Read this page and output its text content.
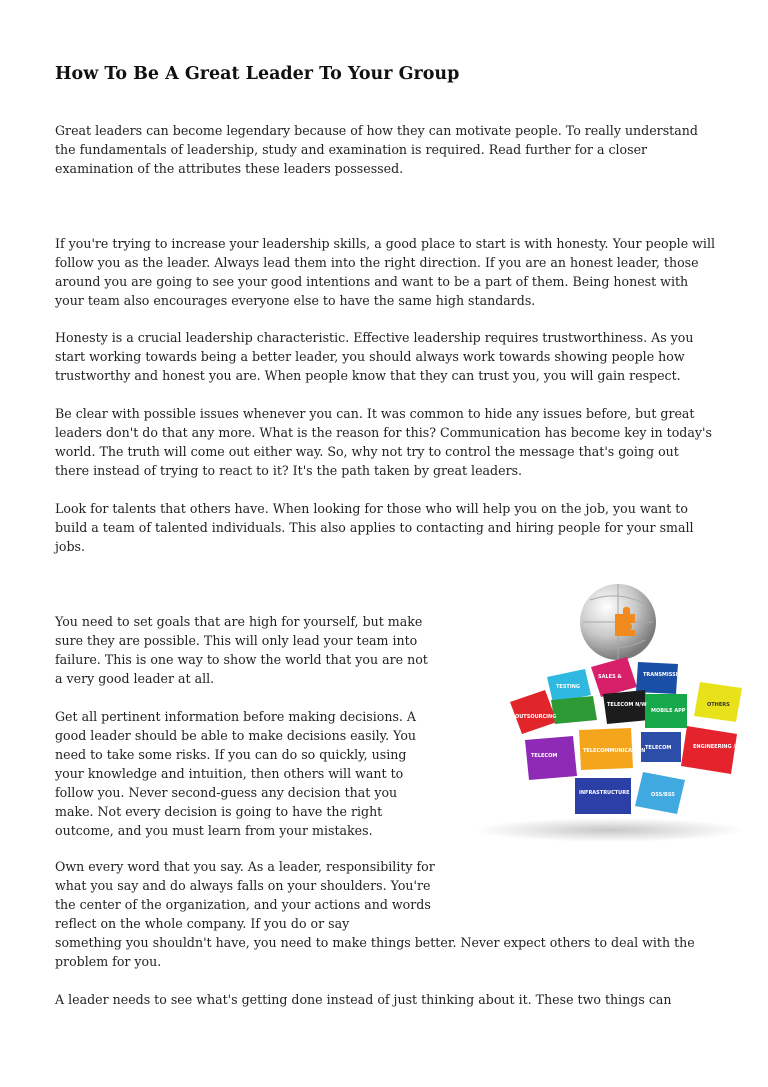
How To Be A Great Leader To Your Group

Great leaders can become legendary because of how they can motivate people. To really understand the fundamentals of leadership, study and examination is required. Read further for a closer examination of the attributes these leaders possessed.

If you're trying to increase your leadership skills, a good place to start is with honesty. Your people will follow you as the leader. Always lead them into the right direction. If you are an honest leader, those around you are going to see your good intentions and want to be a part of them. Being honest with your team also encourages everyone else to have the same high standards.

Honesty is a crucial leadership characteristic. Effective leadership requires trustworthiness. As you start working towards being a better leader, you should always work towards showing people how trustworthy and honest you are. When people know that they can trust you, you will gain respect.

Be clear with possible issues whenever you can. It was common to hide any issues before, but great leaders don't do that any more. What is the reason for this? Communication has become key in today's world. The truth will come out either way. So, why not try to control the message that's going out there instead of trying to react to it? It's the path taken by great leaders.

Look for talents that others have. When looking for those who will help you on the job, you want to build a team of talented individuals. This also applies to contacting and hiring people for your small jobs.

You need to set goals that are high for yourself, but make sure they are possible. This will only lead your team into failure. This is one way to show the world that you are not a very good leader at all.

Get all pertinent information before making decisions. A good leader should be able to make decisions easily. You need to take some risks. If you can do so quickly, using your knowledge and intuition, then others will want to follow you. Never second-guess any decision that you make. Not every decision is going to have the right outcome, and you must learn from your mistakes.

Own every word that you say. As a leader, responsibility for what you say and do always falls on your shoulders. You're the center of the organization, and your actions and words reflect on the whole company. If you do or say

something you shouldn't have, you need to make things better. Never expect others to deal with the problem for you.

A leader needs to see what's getting done instead of just thinking about it. These two things can

TESTING
SALES &	TRANSMISSION
OUTSOURCING
TELECOM N/W
MOBILE APP
OTHERS
TELECOM
TELECOMMUNICATION
ENGINEERING /
TELECOM
INFRASTRUCTURE	OSS/BSS
